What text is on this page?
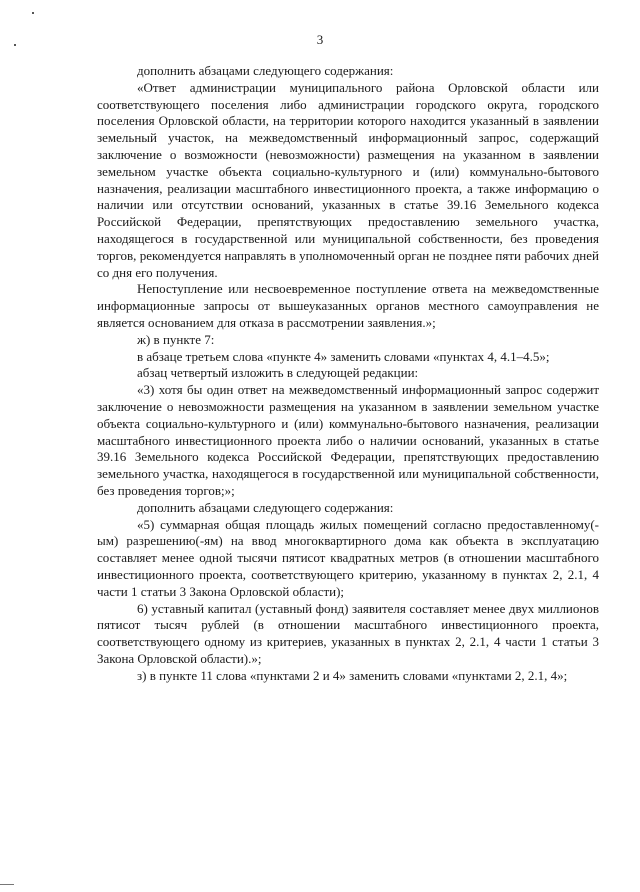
3

дополнить абзацами следующего содержания:

«Ответ администрации муниципального района Орловской области или соответствующего поселения либо администрации городского округа, городского поселения Орловской области, на территории которого находится указанный в заявлении земельный участок, на межведомственный информационный запрос, содержащий заключение о возможности (невозможности) размещения на указанном в заявлении земельном участке объекта социально-культурного и (или) коммунально-бытового назначения, реализации масштабного инвестиционного проекта, а также информацию о наличии или отсутствии оснований, указанных в статье 39.16 Земельного кодекса Российской Федерации, препятствующих предоставлению земельного участка, находящегося в государственной или муниципальной собственности, без проведения торгов, рекомендуется направлять в уполномоченный орган не позднее пяти рабочих дней со дня его получения.

Непоступление или несвоевременное поступление ответа на межведомственные информационные запросы от вышеуказанных органов местного самоуправления не является основанием для отказа в рассмотрении заявления.»;

ж) в пункте 7:

в абзаце третьем слова «пункте 4» заменить словами «пунктах 4, 4.1–4.5»;

абзац четвертый изложить в следующей редакции:

«3) хотя бы один ответ на межведомственный информационный запрос содержит заключение о невозможности размещения на указанном в заявлении земельном участке объекта социально-культурного и (или) коммунально-бытового назначения, реализации масштабного инвестиционного проекта либо о наличии оснований, указанных в статье 39.16 Земельного кодекса Российской Федерации, препятствующих предоставлению земельного участка, находящегося в государственной или муниципальной собственности, без проведения торгов;»;

дополнить абзацами следующего содержания:

«5) суммарная общая площадь жилых помещений согласно предоставленному(-ым) разрешению(-ям) на ввод многоквартирного дома как объекта в эксплуатацию составляет менее одной тысячи пятисот квадратных метров (в отношении масштабного инвестиционного проекта, соответствующего критерию, указанному в пунктах 2, 2.1, 4 части 1 статьи 3 Закона Орловской области);

6) уставный капитал (уставный фонд) заявителя составляет менее двух миллионов пятисот тысяч рублей (в отношении масштабного инвестиционного проекта, соответствующего одному из критериев, указанных в пунктах 2, 2.1, 4 части 1 статьи 3 Закона Орловской области).»;

з) в пункте 11 слова «пунктами 2 и 4» заменить словами «пунктами 2, 2.1, 4»;
